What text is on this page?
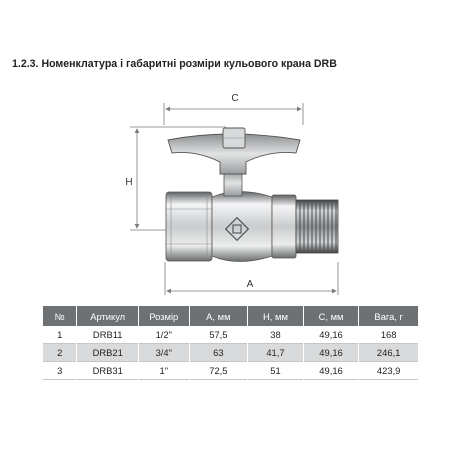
1.2.3. Номенклатура і габаритні розміри кульового крана DRB
C
H
A
№	Артикул	Розмір	A, мм	H, мм	C, мм	Вага, г
1	DRB11	1/2"	57,5	38	49,16	168
2	DRB21	3/4"	63	41,7	49,16	246,1
3	DRB31	1"	72,5	51	49,16	423,9
